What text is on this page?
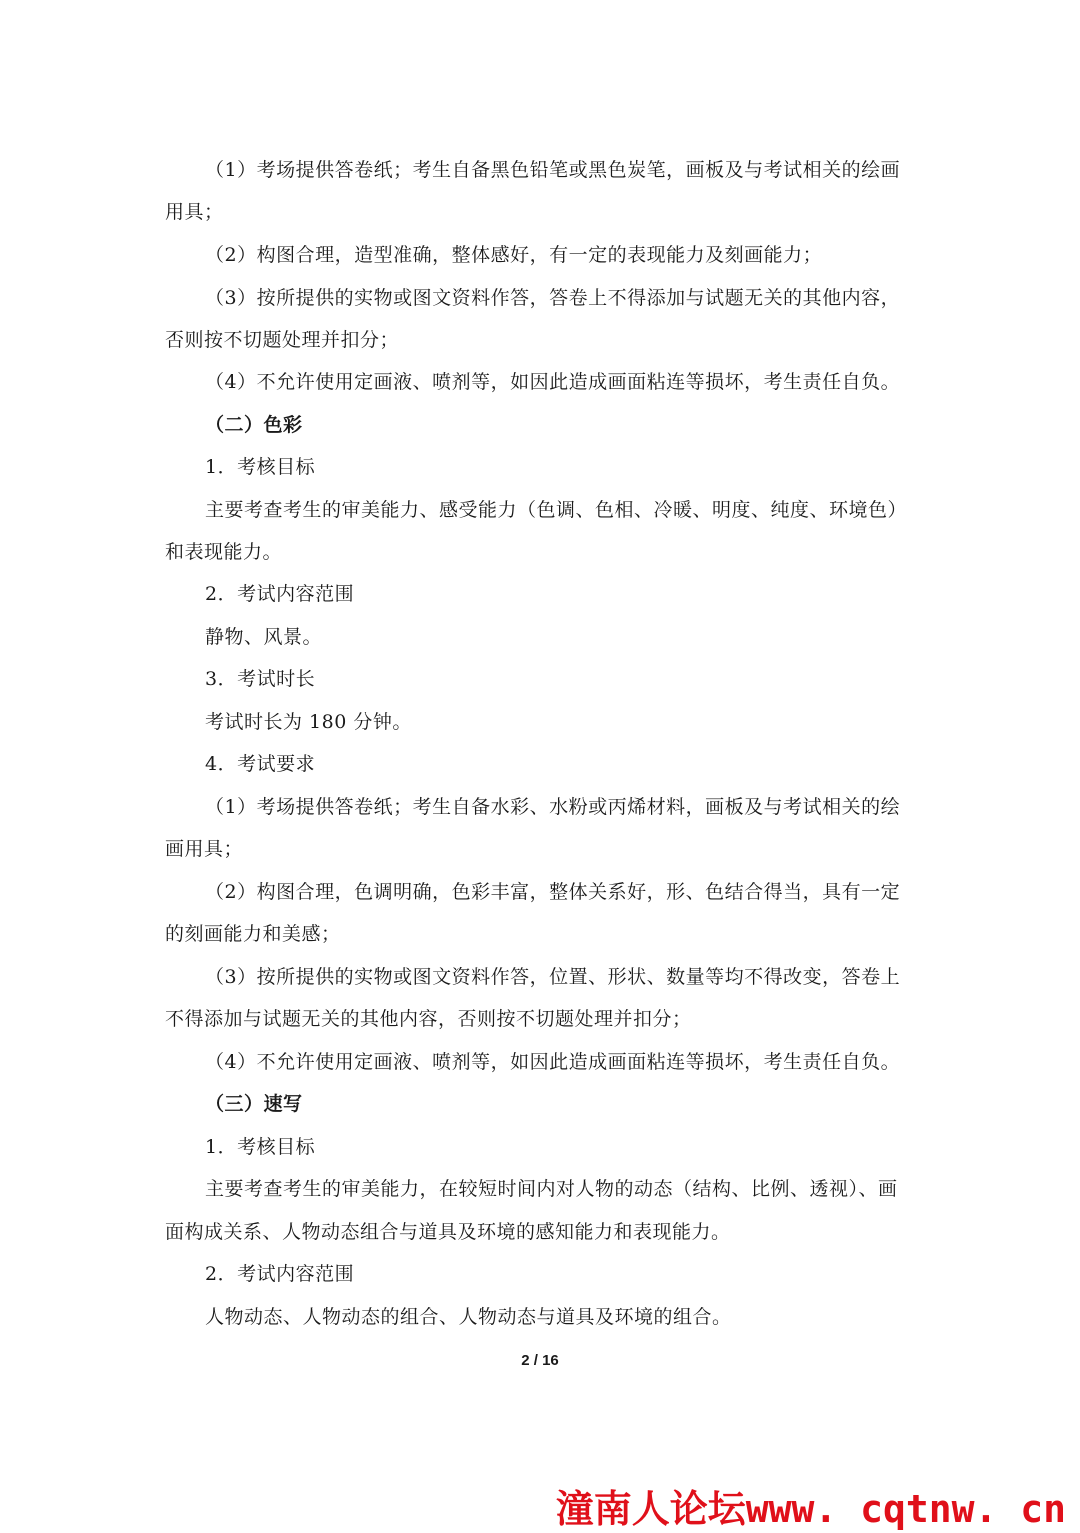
（1）考场提供答卷纸；考生自备黑色铅笔或黑色炭笔，画板及与考试相关的绘画
用具；
（2）构图合理，造型准确，整体感好，有一定的表现能力及刻画能力；
（3）按所提供的实物或图文资料作答，答卷上不得添加与试题无关的其他内容，
否则按不切题处理并扣分；
（4）不允许使用定画液、喷剂等，如因此造成画面粘连等损坏，考生责任自负。
（二）色彩
1．考核目标
主要考查考生的审美能力、感受能力（色调、色相、冷暖、明度、纯度、环境色）
和表现能力。
2．考试内容范围
静物、风景。
3．考试时长
考试时长为 180 分钟。
4．考试要求
（1）考场提供答卷纸；考生自备水彩、水粉或丙烯材料，画板及与考试相关的绘
画用具；
（2）构图合理，色调明确，色彩丰富，整体关系好，形、色结合得当，具有一定
的刻画能力和美感；
（3）按所提供的实物或图文资料作答，位置、形状、数量等均不得改变，答卷上
不得添加与试题无关的其他内容，否则按不切题处理并扣分；
（4）不允许使用定画液、喷剂等，如因此造成画面粘连等损坏，考生责任自负。
（三）速写
1．考核目标
主要考查考生的审美能力，在较短时间内对人物的动态（结构、比例、透视）、画
面构成关系、人物动态组合与道具及环境的感知能力和表现能力。
2．考试内容范围
人物动态、人物动态的组合、人物动态与道具及环境的组合。
2 / 16
潼南人论坛www. cqtnw. cn
